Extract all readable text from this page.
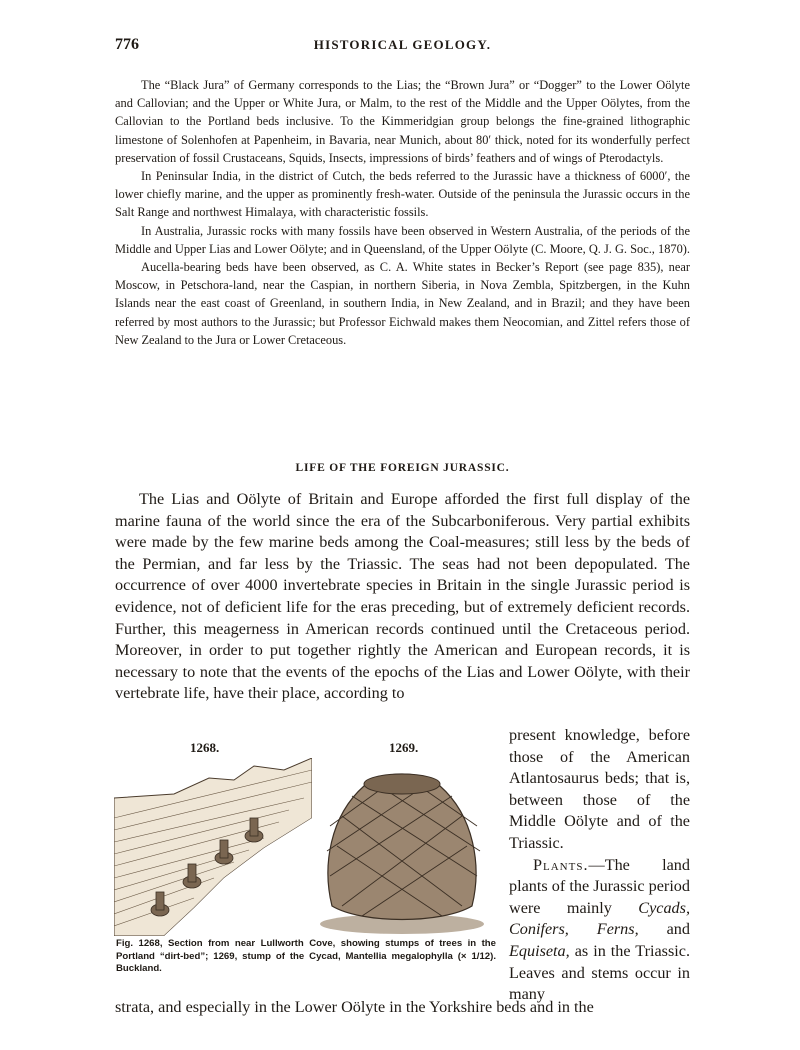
776	HISTORICAL GEOLOGY.

The “Black Jura” of Germany corresponds to the Lias; the “Brown Jura” or “Dogger” to the Lower Oölyte and Callovian; and the Upper or White Jura, or Malm, to the rest of the Middle and the Upper Oölytes, from the Callovian to the Portland beds inclusive. To the Kimmeridgian group belongs the fine-grained lithographic limestone of Solenhofen at Papenheim, in Bavaria, near Munich, about 80′ thick, noted for its wonderfully perfect preservation of fossil Crustaceans, Squids, Insects, impressions of birds’ feathers and of wings of Pterodactyls.

In Peninsular India, in the district of Cutch, the beds referred to the Jurassic have a thickness of 6000′, the lower chiefly marine, and the upper as prominently fresh-water. Outside of the peninsula the Jurassic occurs in the Salt Range and northwest Himalaya, with characteristic fossils.

In Australia, Jurassic rocks with many fossils have been observed in Western Australia, of the periods of the Middle and Upper Lias and Lower Oölyte; and in Queensland, of the Upper Oölyte (C. Moore, Q. J. G. Soc., 1870).

Aucella-bearing beds have been observed, as C. A. White states in Becker’s Report (see page 835), near Moscow, in Petschora-land, near the Caspian, in northern Siberia, in Nova Zembla, Spitzbergen, in the Kuhn Islands near the east coast of Greenland, in southern India, in New Zealand, and in Brazil; and they have been referred by most authors to the Jurassic; but Professor Eichwald makes them Neocomian, and Zittel refers those of New Zealand to the Jura or Lower Cretaceous.

LIFE OF THE FOREIGN JURASSIC.

The Lias and Oölyte of Britain and Europe afforded the first full display of the marine fauna of the world since the era of the Subcarboniferous. Very partial exhibits were made by the few marine beds among the Coal-measures; still less by the beds of the Permian, and far less by the Triassic. The seas had not been depopulated. The occurrence of over 4000 invertebrate species in Britain in the single Jurassic period is evidence, not of deficient life for the eras preceding, but of extremely deficient records. Further, this meagerness in American records continued until the Cretaceous period. Moreover, in order to put together rightly the American and European records, it is necessary to note that the events of the epochs of the Lias and Lower Oölyte, with their vertebrate life, have their place, according to

1268.	1269.
Fig. 1268, Section from near Lullworth Cove, showing stumps of trees in the Portland “dirt-bed”; 1269, stump of the Cycad, Mantellia megalophylla (× 1/12). Buckland.

present knowledge, before those of the American Atlantosaurus beds; that is, between those of the Middle Oölyte and of the Triassic.

Plants.—The land plants of the Jurassic period were mainly Cycads, Conifers, Ferns, and Equiseta, as in the Triassic. Leaves and stems occur in many

strata, and especially in the Lower Oölyte in the Yorkshire beds and in the
